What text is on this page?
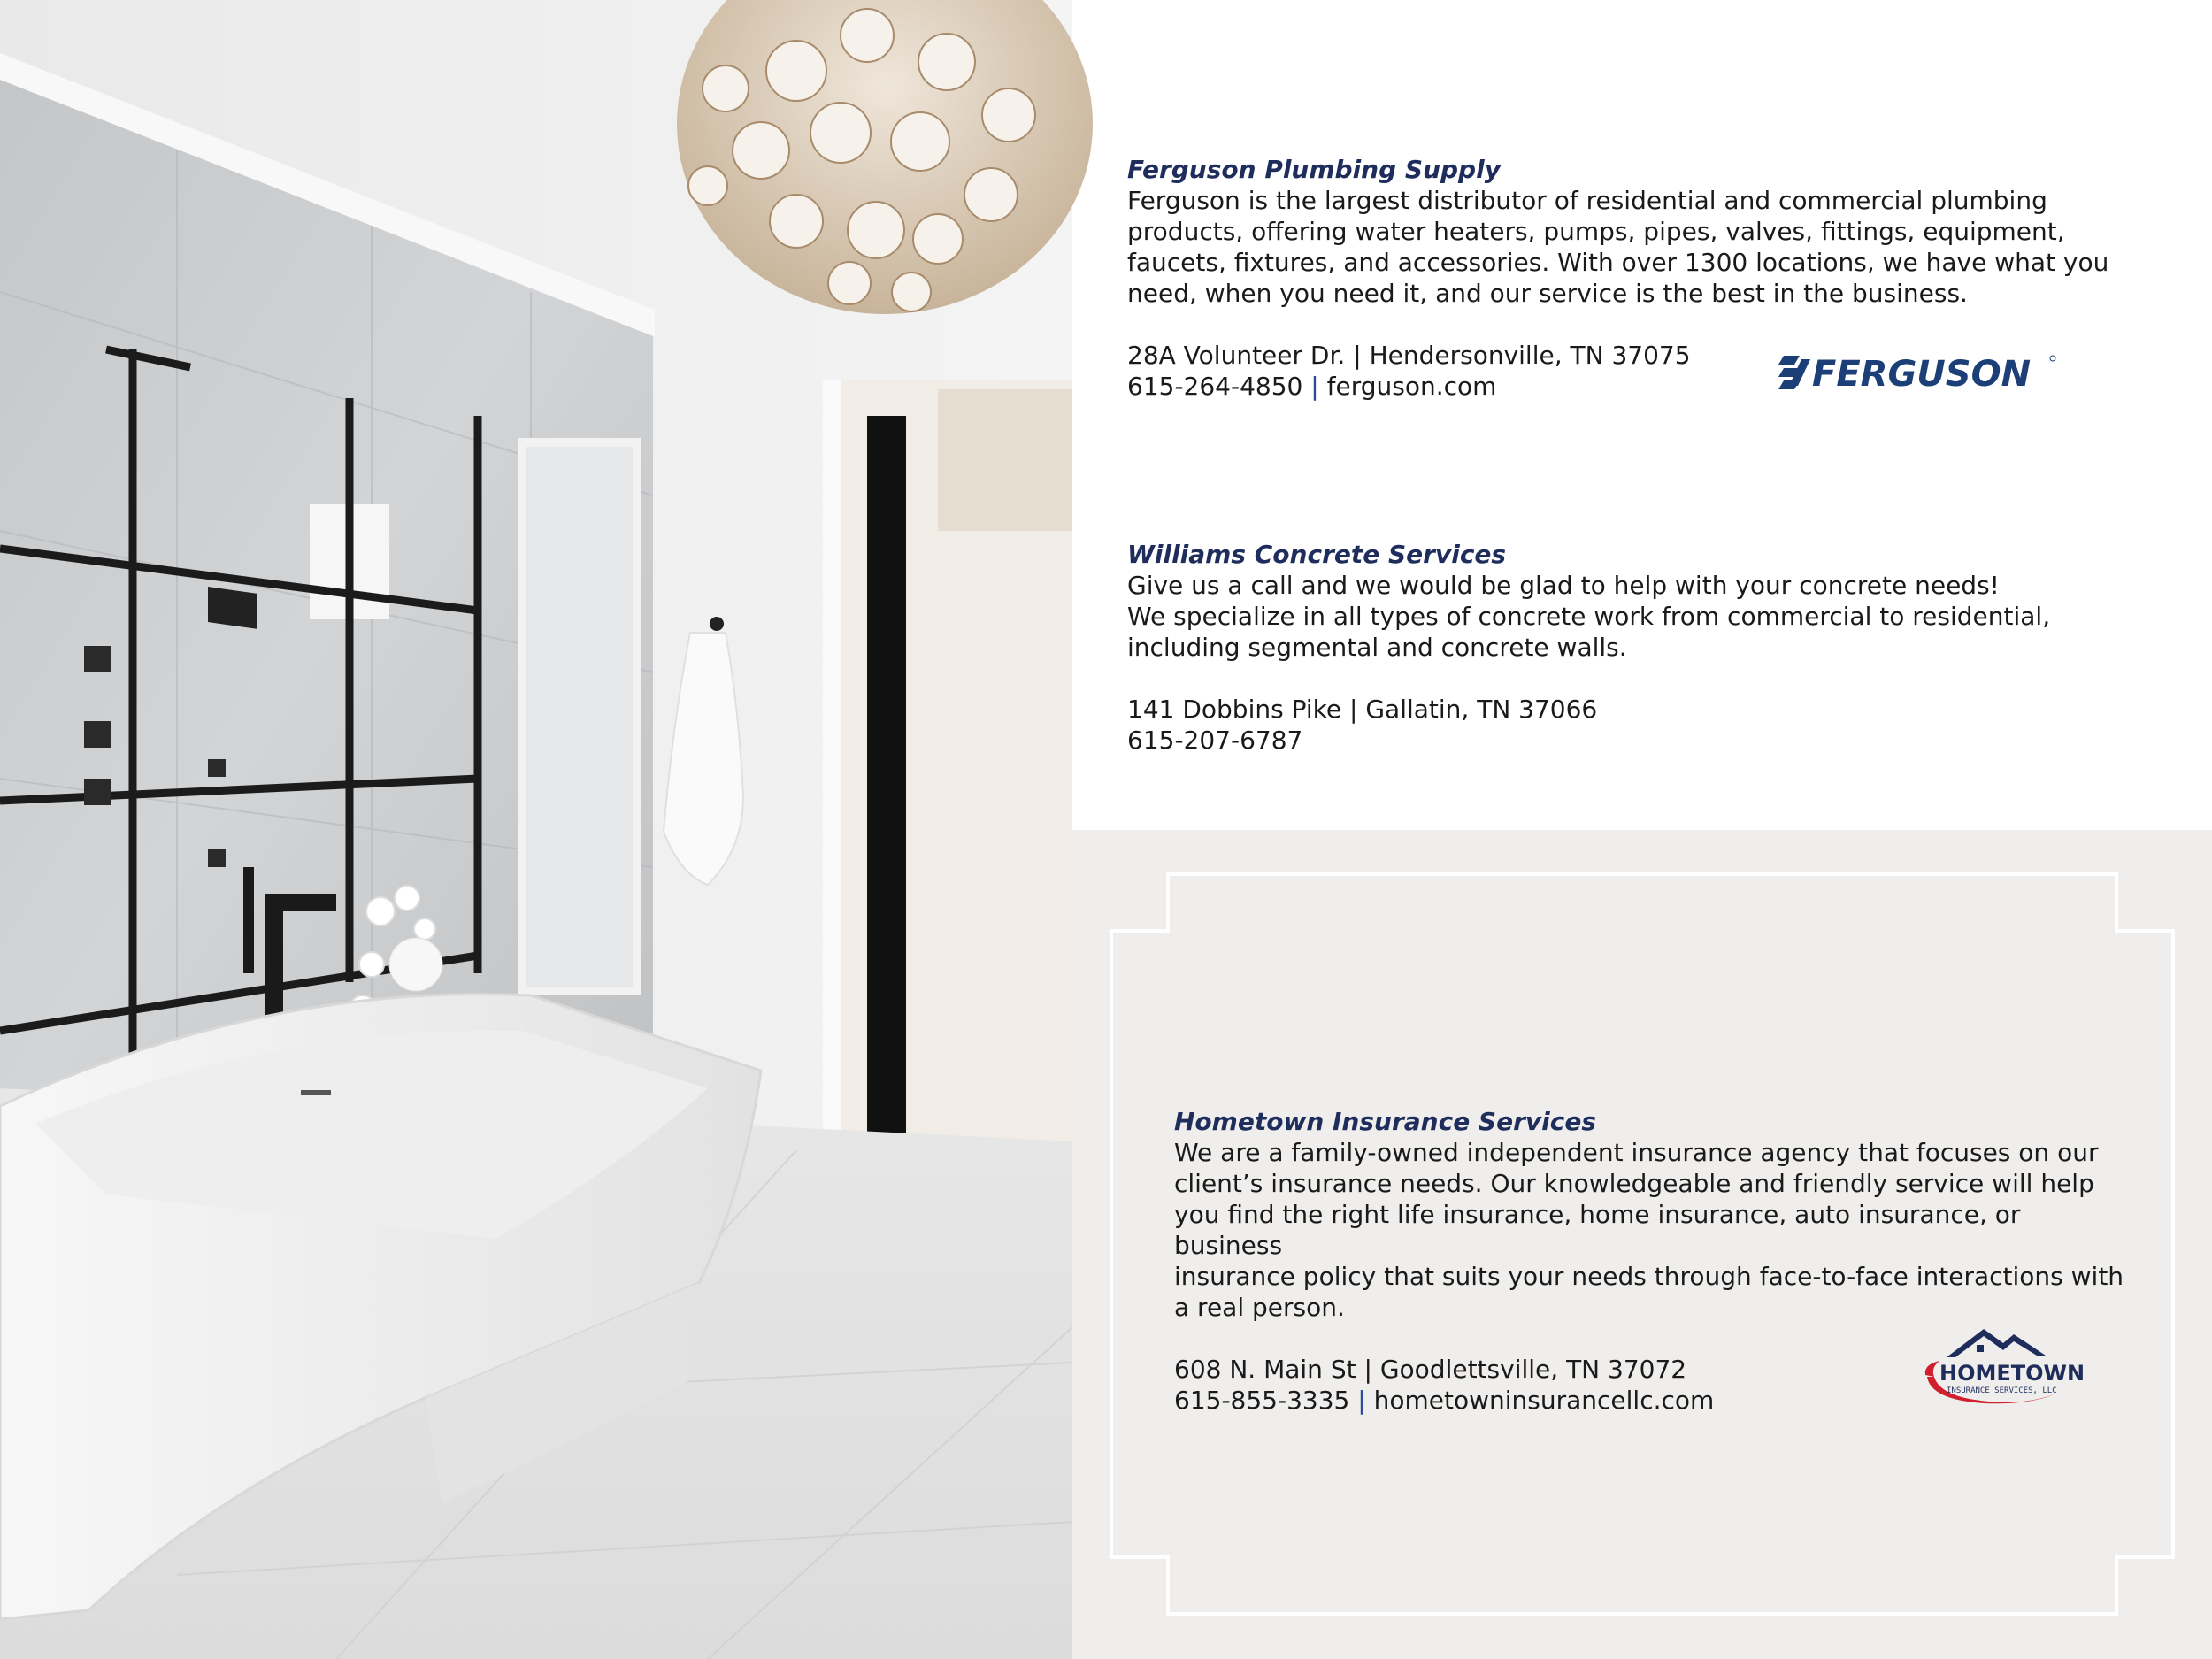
Ferguson Plumbing Supply
Ferguson is the largest distributor of residential and commercial plumbing
products, offering water heaters, pumps, pipes, valves, fittings, equipment,
faucets, fixtures, and accessories. With over 1300 locations, we have what you
need, when you need it, and our service is the best in the business.
28A Volunteer Dr. | Hendersonville, TN 37075
615-264-4850 | ferguson.com	FERGUSON
Williams Concrete Services
Give us a call and we would be glad to help with your concrete needs!
We specialize in all types of concrete work from commercial to residential,
including segmental and concrete walls.
141 Dobbins Pike | Gallatin, TN 37066
615-207-6787
Hometown Insurance Services
We are a family-owned independent insurance agency that focuses on our
client’s insurance needs. Our knowledgeable and friendly service will help
you find the right life insurance, home insurance, auto insurance, or business
insurance policy that suits your needs through face-to-face interactions with
a real person.
608 N. Main St | Goodlettsville, TN 37072
615-855-3335 | hometowninsurancellc.com
HOMETOWN
INSURANCE SERVICES, LLC
